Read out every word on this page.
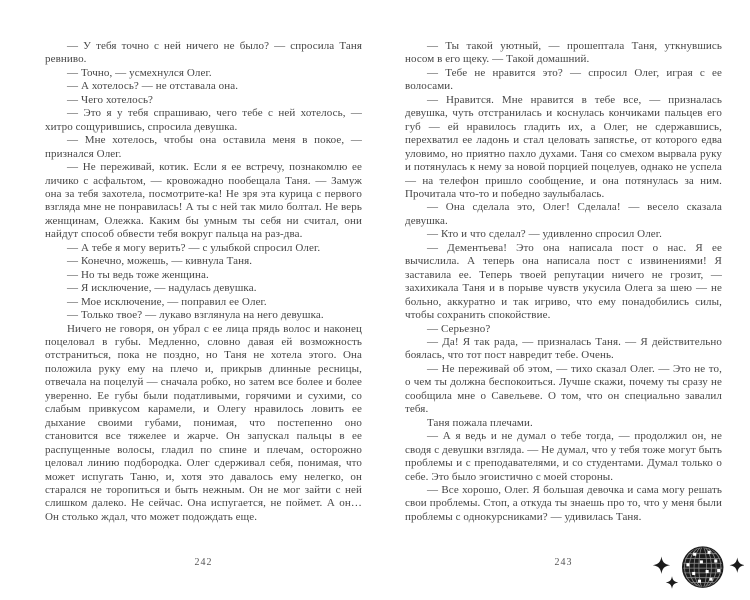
— У тебя точно с ней ничего не было? — спросила Таня ревниво.

— Точно, — усмехнулся Олег.

— А хотелось? — не отставала она.

— Чего хотелось?

— Это я у тебя спрашиваю, чего тебе с ней хотелось, — хитро сощурившись, спросила девушка.

— Мне хотелось, чтобы она оставила меня в покое, — признался Олег.

— Не переживай, котик. Если я ее встречу, познакомлю ее личико с асфальтом, — кровожадно пообещала Таня. — Замуж она за тебя захотела, посмотрите-ка! Не зря эта курица с первого взгляда мне не понравилась! А ты с ней так мило болтал. Не верь женщинам, Олежка. Каким бы умным ты себя ни считал, они найдут способ обвести тебя вокруг пальца на раз-два.

— А тебе я могу верить? — с улыбкой спросил Олег.

— Конечно, можешь, — кивнула Таня.

— Но ты ведь тоже женщина.

— Я исключение, — надулась девушка.

— Мое исключение, — поправил ее Олег.

— Только твое? — лукаво взглянула на него девушка.

Ничего не говоря, он убрал с ее лица прядь волос и наконец поцеловал в губы. Медленно, словно давая ей возможность отстраниться, пока не поздно, но Таня не хотела этого. Она положила руку ему на плечо и, прикрыв длинные ресницы, отвечала на поцелуй — сначала робко, но затем все более и более уверенно. Ее губы были податливыми, горячими и сухими, со слабым привкусом карамели, и Олегу нравилось ловить ее дыхание своими губами, понимая, что постепенно оно становится все тяжелее и жарче. Он запускал пальцы в ее распущенные волосы, гладил по спине и плечам, осторожно целовал линию подбородка. Олег сдерживал себя, понимая, что может испугать Таню, и, хотя это давалось ему нелегко, он старался не торопиться и быть нежным. Он не мог зайти с ней слишком далеко. Не сейчас. Она испугается, не поймет. А он… Он столько ждал, что может подождать еще.

242

— Ты такой уютный, — прошептала Таня, уткнувшись носом в его щеку. — Такой домашний.

— Тебе не нравится это? — спросил Олег, играя с ее волосами.

— Нравится. Мне нравится в тебе все, — призналась девушка, чуть отстранилась и коснулась кончиками пальцев его губ — ей нравилось гладить их, а Олег, не сдержавшись, перехватил ее ладонь и стал целовать запястье, от которого едва уловимо, но приятно пахло духами. Таня со смехом вырвала руку и потянулась к нему за новой порцией поцелуев, однако не успела — на телефон пришло сообщение, и она потянулась за ним. Прочитала что-то и победно заулыбалась.

— Она сделала это, Олег! Сделала! — весело сказала девушка.

— Кто и что сделал? — удивленно спросил Олег.

— Дементьева! Это она написала пост о нас. Я ее вычислила. А теперь она написала пост с извинениями! Я заставила ее. Теперь твоей репутации ничего не грозит, — захихикала Таня и в порыве чувств укусила Олега за шею — не больно, аккуратно и так игриво, что ему понадобились силы, чтобы сохранить спокойствие.

— Серьезно?

— Да! Я так рада, — призналась Таня. — Я действительно боялась, что тот пост навредит тебе. Очень.

— Не переживай об этом, — тихо сказал Олег. — Это не то, о чем ты должна беспокоиться. Лучше скажи, почему ты сразу не сообщила мне о Савельеве. О том, что он специально завалил тебя.

Таня пожала плечами.

— А я ведь и не думал о тебе тогда, — продолжил он, не сводя с девушки взгляда. — Не думал, что у тебя тоже могут быть проблемы и с преподавателями, и со студентами. Думал только о себе. Это было эгоистично с моей стороны.

— Все хорошо, Олег. Я большая девочка и сама могу решать свои проблемы. Стоп, а откуда ты знаешь про то, что у меня были проблемы с однокурсниками? — удивилась Таня.

243
